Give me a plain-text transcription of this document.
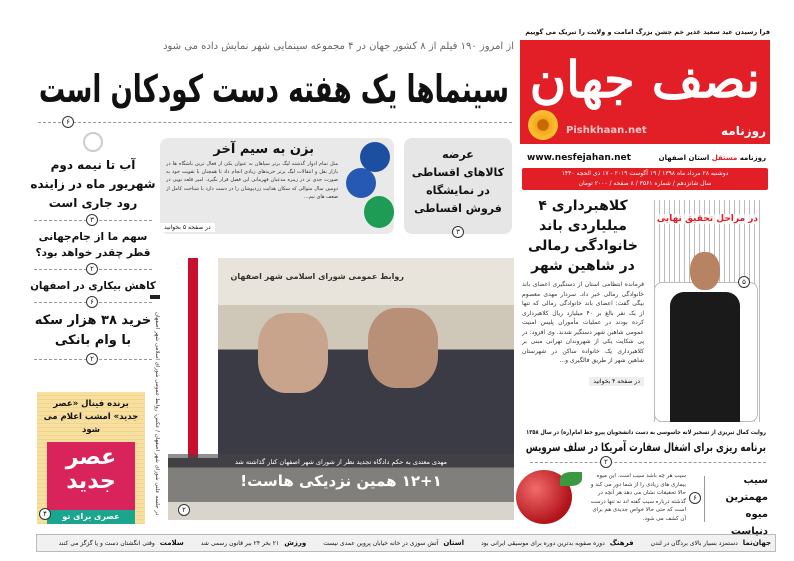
فرا رسیدن عید سعید غدیر خم جشن بزرگ امامت و ولایت را تبریک می گوییم
نصف جهان
روزنامه
Pishkhaan.net
www.nesfejahan.net	روزنامه مستقل استان اصفهان
دوشنبه ۲۸ مرداد ماه ۱۳۹۸ / ۱۹ آگوست ۲۰۱۹ - ۱۷ ذی الحجه ۱۴۴۰
سال شانزدهم / شماره ۳۵۶۱ / ۸ صفحه / ۲۰۰۰ تومان
از امروز ۱۹۰ فیلم از ۸ کشور جهان در ۴ مجموعه سینمایی شهر نمایش داده می شود
سینماها یک هفته دست کودکان است
۶
بزن به سیم آخر
مثل تمام ادوار گذشته لیگ برتر سپاهان به عنوان یکی از فعال ترین باشگاه ها در بازار نقل و انتقالات لیگ برتر خریدهای زیادی انجام داد تا همچنان با تقویت خود به صورت جدی تر در زمره مدعیان قهرمانی این فصل قرار بگیرد. امیر قلعه نویی در دومین سال متوالی که سکان هدایت زردپوشان را در دست دارد با شناخت کامل از ضعف های تیم...
در صفحه ۵ بخوانید
عرضه
کالاهای اقساطی
در نمایشگاه
فروش اقساطی
۳
آب تا نیمه دوم شهریور ماه در زاینده رود جاری است
۳
سهم ما از جام‌جهانی قطر چقدر خواهد بود؟
۲
کاهش بیکاری در اصفهان
۶
خرید ۳۸ هزار سکه با وام بانکی
۲
برنده فینال «عصر جدید» امشب اعلام می شود
عصر
جدید
عصری برای تو
۴	در جلسه علنی شورای شهر اصفهان / عکس: روابط عمومی شورای اسلامی شهر اصفهان
روابط عمومی شورای اسلامی شهر اصفهان
مهدی معتدی به حکم دادگاه تجدید نظر از شورای شهر اصفهان کنار گذاشته شد
۱۲+۱ همین نزدیکی هاست!
۲
کلاهبرداری ۴ میلیاردی باند خانوادگی رمالی در شاهین شهر
فرمانده انتظامی استان از دستگیری اعضای باند خانوادگی رمالی خبر داد. سردار مهدی معصوم بیگی گفت: اعضای باند خانوادگی رمالی که تنها از یک نفر بالغ بر ۴۰ میلیارد ریال کلاهبرداری کرده بودند در عملیات مأموران پلیس امنیت عمومی شاهین شهر دستگیر شدند. وی افزود: در پی شکایت یکی از شهروندان تهرانی مبنی بر کلاهبرداری یک خانواده ساکن در شهرستان شاهین شهر از طریق فالگیری و...
در صفحه ۴ بخوانید
در مراحل تحقیق نهایی
۵
روایت کمال تبریزی از تسخیر لانه جاسوسی به دست دانشجویان پیرو خط امام(ره) در سال ۱۳۵۸
برنامه ریزی برای اشغال سفارت آمریکا در سلف سرویس
۲
سیب هر چه باشد سیب است. این میوه بیماری های زیادی را از شما دور می کند و حالا تحقیقات نشان می دهد هر آنچه در گذشته درباره سیب گفته اند نه تنها درست است که حتی حالا خواص جدیدی هم برای آن کشف می شود.
۶
سیب مهمترین میوه دنیاست
جهان‌نما
دستمزد بسیار بالای بردگان در لندن
فرهنگ
دوره صفویه بدترین دوره برای موسیقی ایرانی بود
استان
آتش سوزی در خانه خیابان پروین عمدی نیست
ورزش
۲۱ بخر ۲۴ ببر قانون رسمی شد
سلامت
وقتی انگشتان دست و پا گزگز می کنند
